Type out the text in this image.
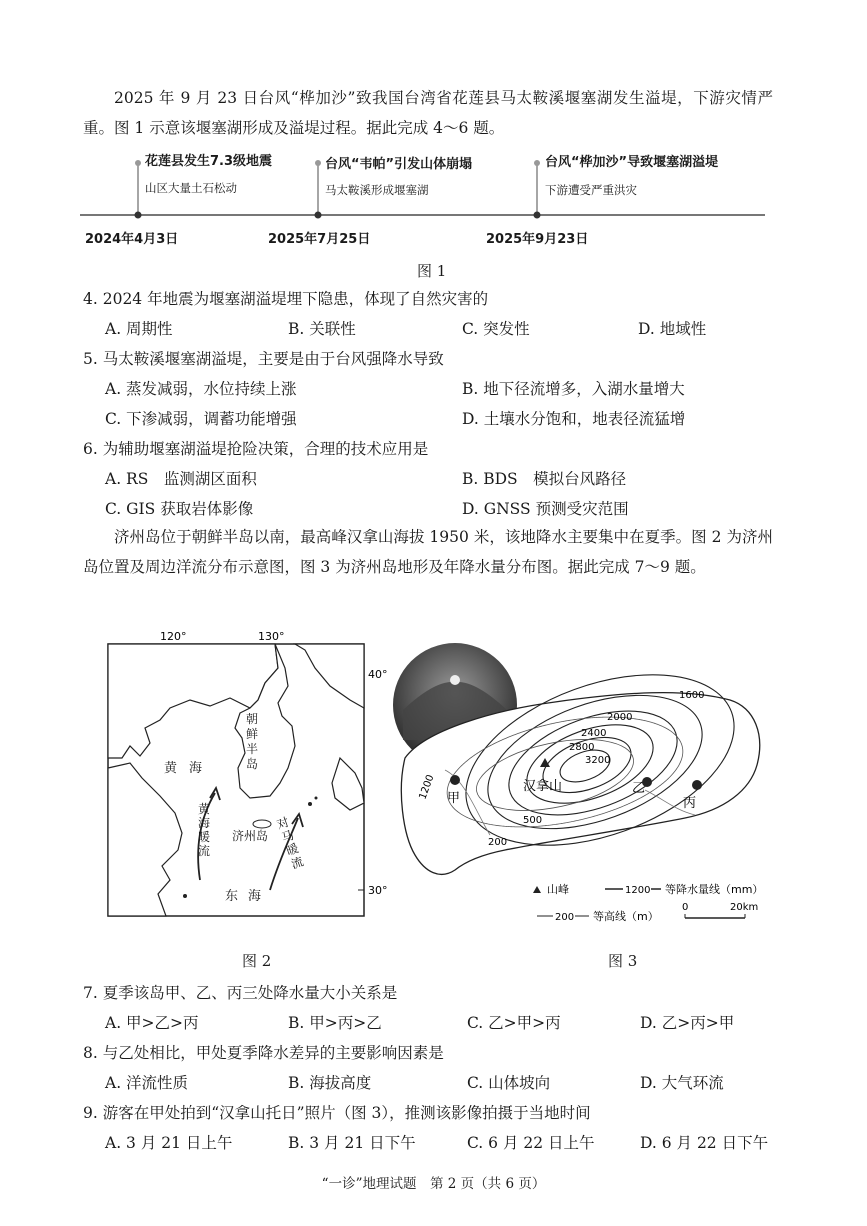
2025 年 9 月 23 日台风“桦加沙”致我国台湾省花莲县马太鞍溪堰塞湖发生溢堤，下游灾情严重。图 1 示意该堰塞湖形成及溢堤过程。据此完成 4～6 题。
花莲县发生7.3级地震
山区大量土石松动
2024年4月3日
台风“韦帕”引发山体崩塌
马太鞍溪形成堰塞湖
2025年7月25日
台风“桦加沙”导致堰塞湖溢堤
下游遭受严重洪灾
2025年9月23日
图 1
4. 2024 年地震为堰塞湖溢堤埋下隐患，体现了自然灾害的
A. 周期性	B. 关联性	C. 突发性	D. 地域性
5. 马太鞍溪堰塞湖溢堤，主要是由于台风强降水导致
A. 蒸发减弱，水位持续上涨	B. 地下径流增多，入湖水量增大
C. 下渗减弱，调蓄功能增强	D. 土壤水分饱和，地表径流猛增
6. 为辅助堰塞湖溢堤抢险决策，合理的技术应用是
A. RS　监测湖区面积	B. BDS　模拟台风路径
C. GIS 获取岩体影像	D. GNSS 预测受灾范围
济州岛位于朝鲜半岛以南，最高峰汉拿山海拔 1950 米，该地降水主要集中在夏季。图 2 为济州岛位置及周边洋流分布示意图，图 3 为济州岛地形及年降水量分布图。据此完成 7～9 题。
120°	130°
40°
30°
朝鲜半岛
黄海
黄海暖流
济州岛
对马暖流
东海
图 2
1600
2000
2400
2800
3200
1200
500
200
汉拿山
甲
乙
丙
山峰	1200 等降水量线（mm）
200 等高线（m）
0	20km
图 3
7. 夏季该岛甲、乙、丙三处降水量大小关系是
A. 甲>乙>丙	B. 甲>丙>乙	C. 乙>甲>丙	D. 乙>丙>甲
8. 与乙处相比，甲处夏季降水差异的主要影响因素是
A. 洋流性质	B. 海拔高度	C. 山体坡向	D. 大气环流
9. 游客在甲处拍到“汉拿山托日”照片（图 3），推测该影像拍摄于当地时间
A. 3 月 21 日上午	B. 3 月 21 日下午	C. 6 月 22 日上午	D. 6 月 22 日下午
“一诊”地理试题　第 2 页（共 6 页）
